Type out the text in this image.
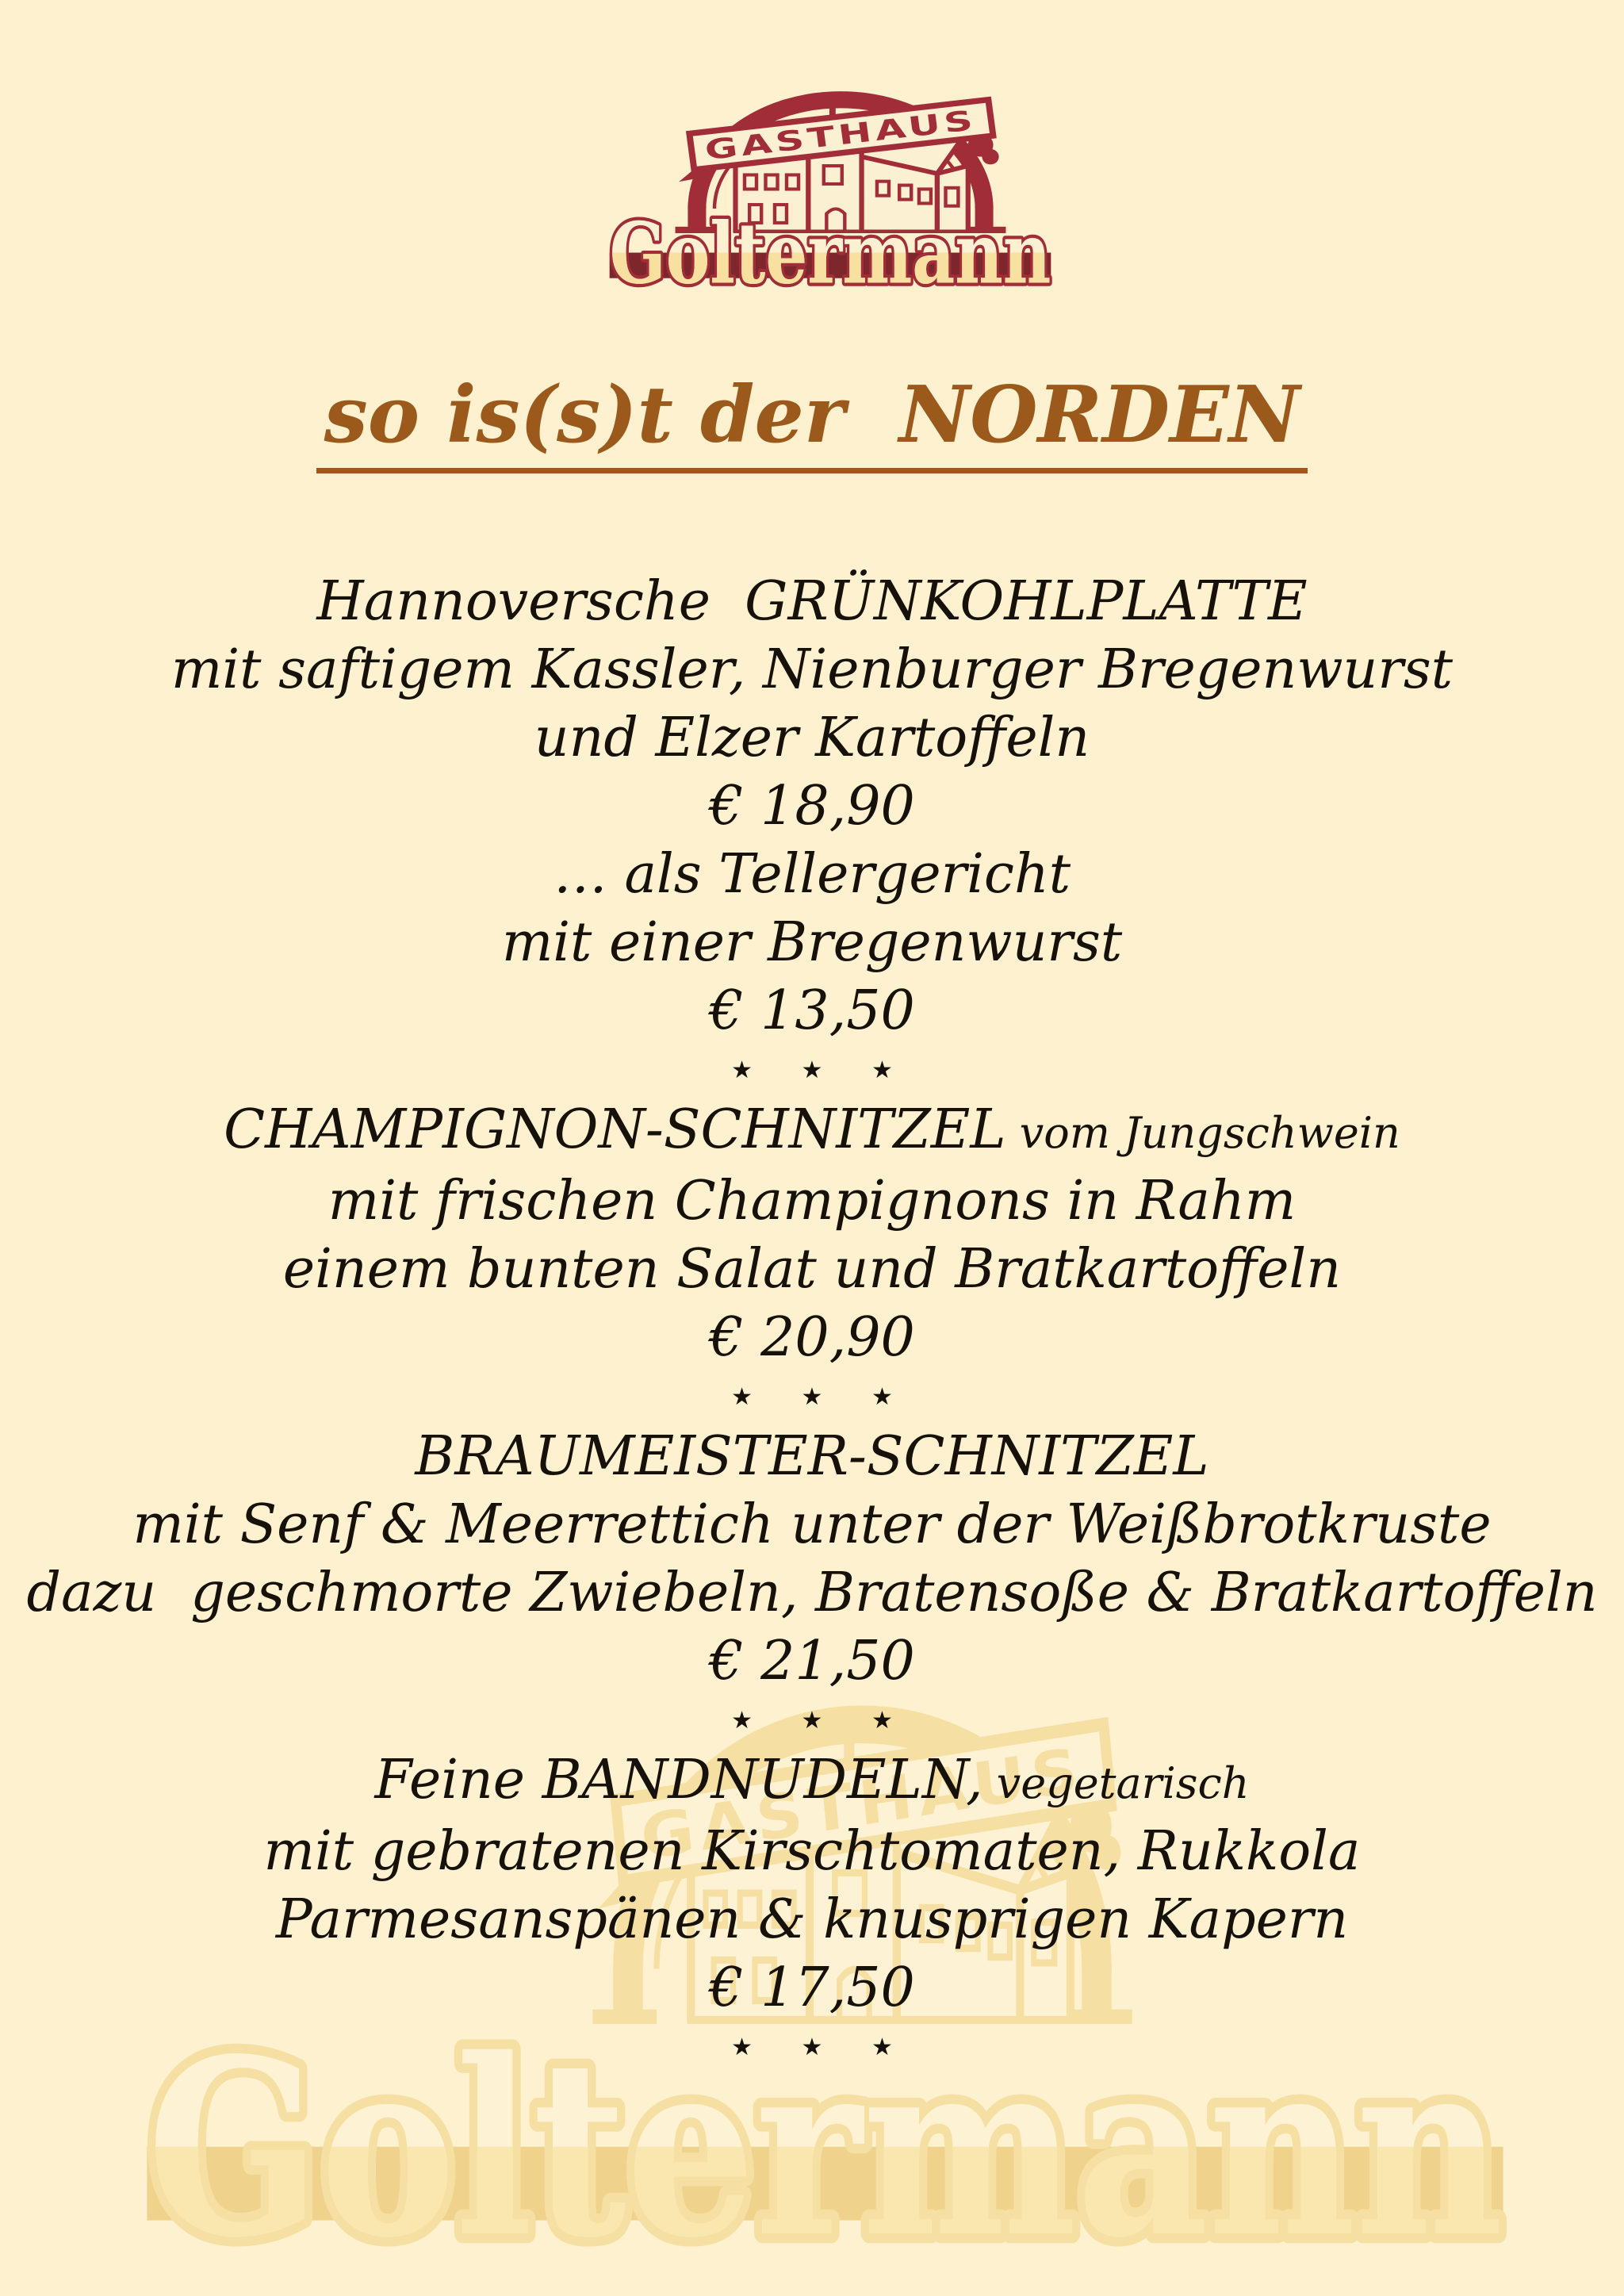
so is(s)t der  NORDEN
Hannoversche  GRÜNKOHLPLATTE
mit saftigem Kassler, Nienburger Bregenwurst
und Elzer Kartoffeln
€ 18,90
… als Tellergericht
mit einer Bregenwurst
€ 13,50
★ ★ ★
CHAMPIGNON-SCHNITZEL vom Jungschwein
mit frischen Champignons in Rahm
einem bunten Salat und Bratkartoffeln
€ 20,90
★ ★ ★
BRAUMEISTER-SCHNITZEL
mit Senf & Meerrettich unter der Weißbrotkruste
dazu  geschmorte Zwiebeln, Bratensoße & Bratkartoffeln
€ 21,50
★ ★ ★
Feine BANDNUDELN, vegetarisch
mit gebratenen Kirschtomaten, Rukkola
Parmesanspänen & knusprigen Kapern
€ 17,50
★ ★ ★
